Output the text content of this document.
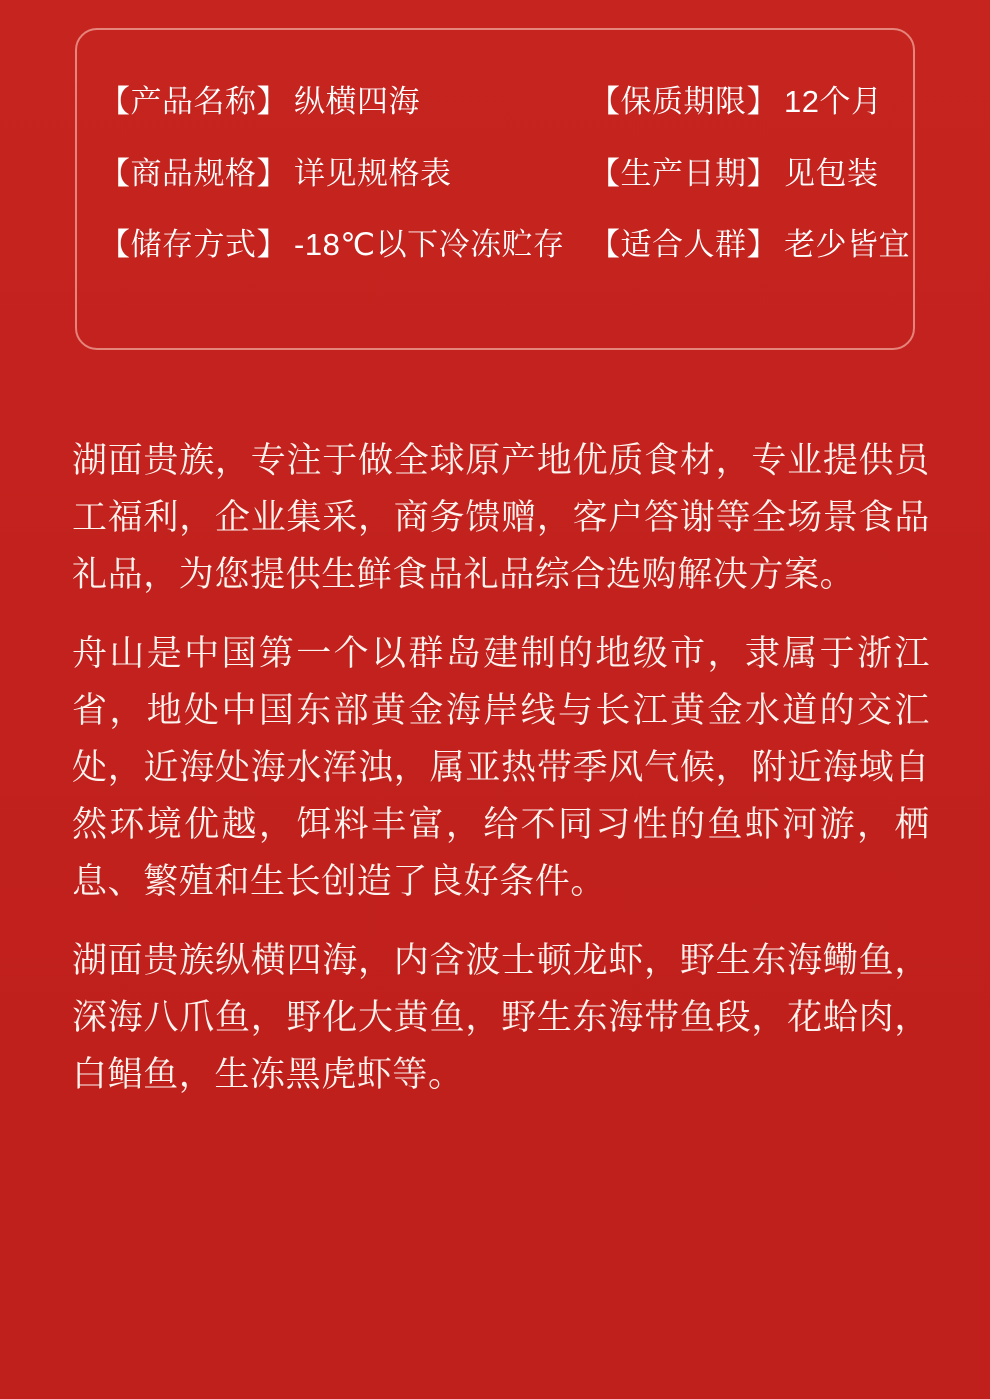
【产品名称】 纵横四海	【保质期限】 12个月
【商品规格】 详见规格表	【生产日期】 见包装
【储存方式】 -18℃以下冷冻贮存 【适合人群】 老少皆宜

湖面贵族，专注于做全球原产地优质食材，专业提供员工福利，企业集采，商务馈赠，客户答谢等全场景食品礼品，为您提供生鲜食品礼品综合选购解决方案。

舟山是中国第一个以群岛建制的地级市，隶属于浙江省，地处中国东部黄金海岸线与长江黄金水道的交汇处，近海处海水浑浊，属亚热带季风气候，附近海域自然环境优越，饵料丰富，给不同习性的鱼虾河游，栖息、繁殖和生长创造了良好条件。

湖面贵族纵横四海，内含波士顿龙虾，野生东海鳓鱼，深海八爪鱼，野化大黄鱼，野生东海带鱼段，花蛤肉，白鲳鱼，生冻黑虎虾等。
